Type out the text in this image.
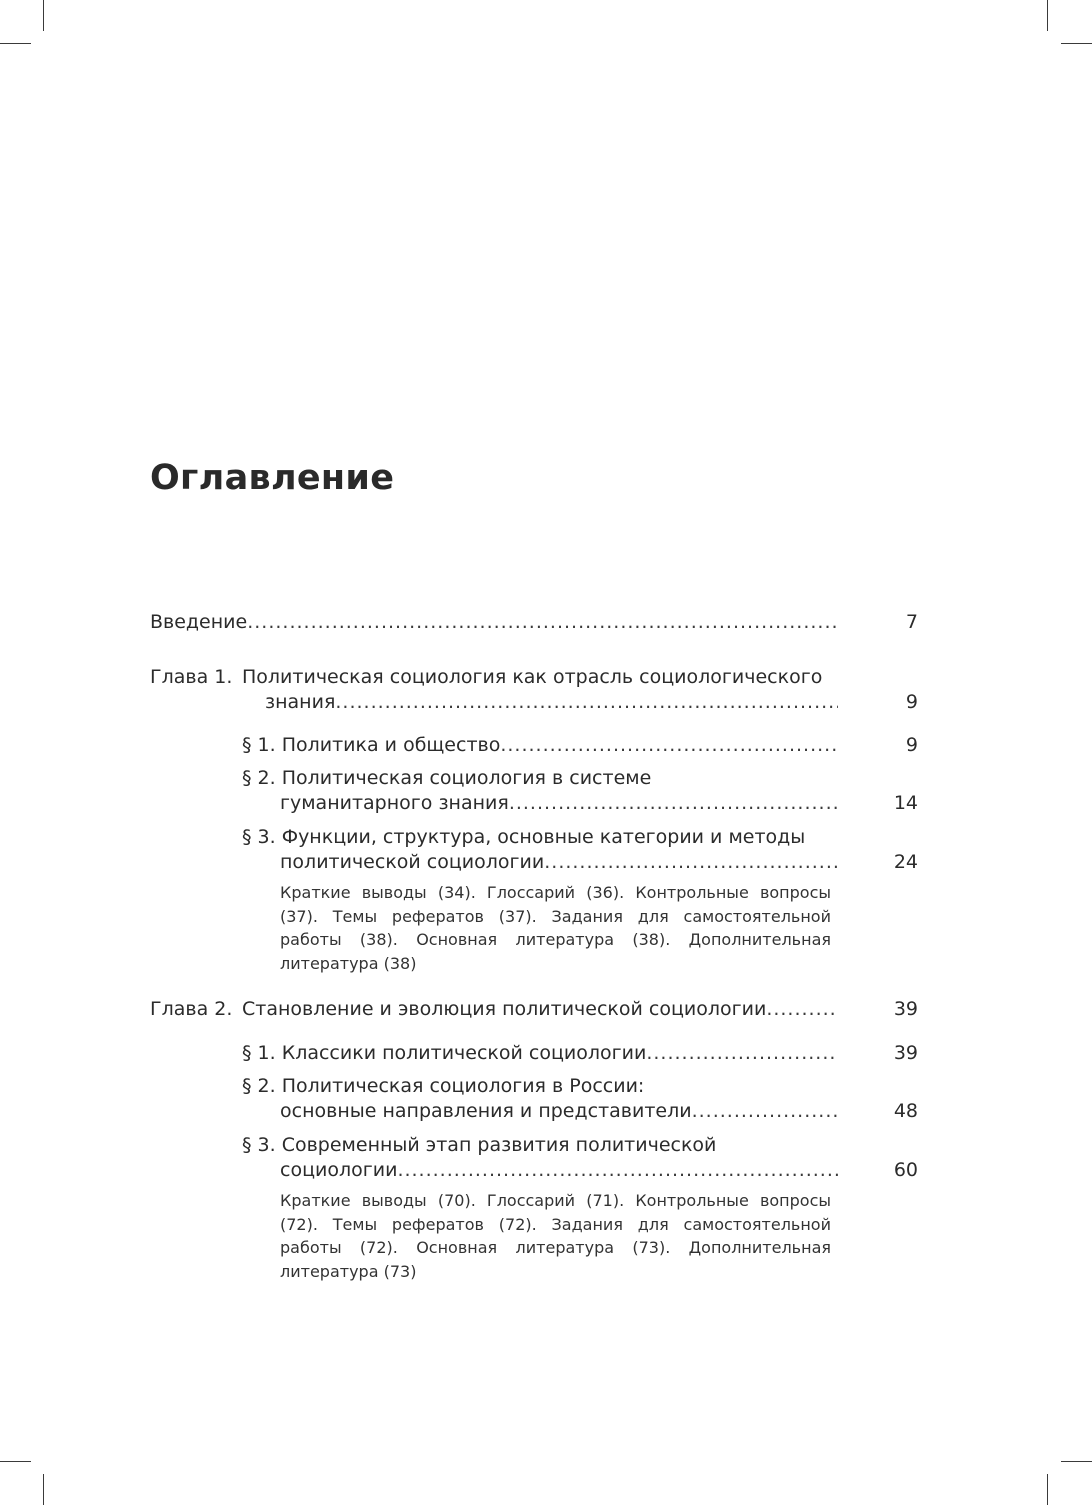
Оглавление
Введение .....	7
Глава 1. Политическая социология как отрасль социологического
знания .....	9
§ 1. Политика и общество .....	9
§ 2. Политическая социология в системе
гуманитарного знания .....	14
§ 3. Функции, структура, основные категории и методы
политической социологии .....	24

Краткие выводы (34). Глоссарий (36). Контрольные вопросы (37). Темы рефератов (37). Задания для самостоятельной работы (38). Основная литература (38). Дополнительная литература (38)

Глава 2. Становление и эволюция политической социологии .....	39
§ 1. Классики политической социологии .....	39
§ 2. Политическая социология в России:
основные направления и представители .....	48
§ 3. Современный этап развития политической
социологии .....	60

Краткие выводы (70). Глоссарий (71). Контрольные вопросы (72). Темы рефератов (72). Задания для самостоятельной работы (72). Основная литература (73). Дополнительная литература (73)
